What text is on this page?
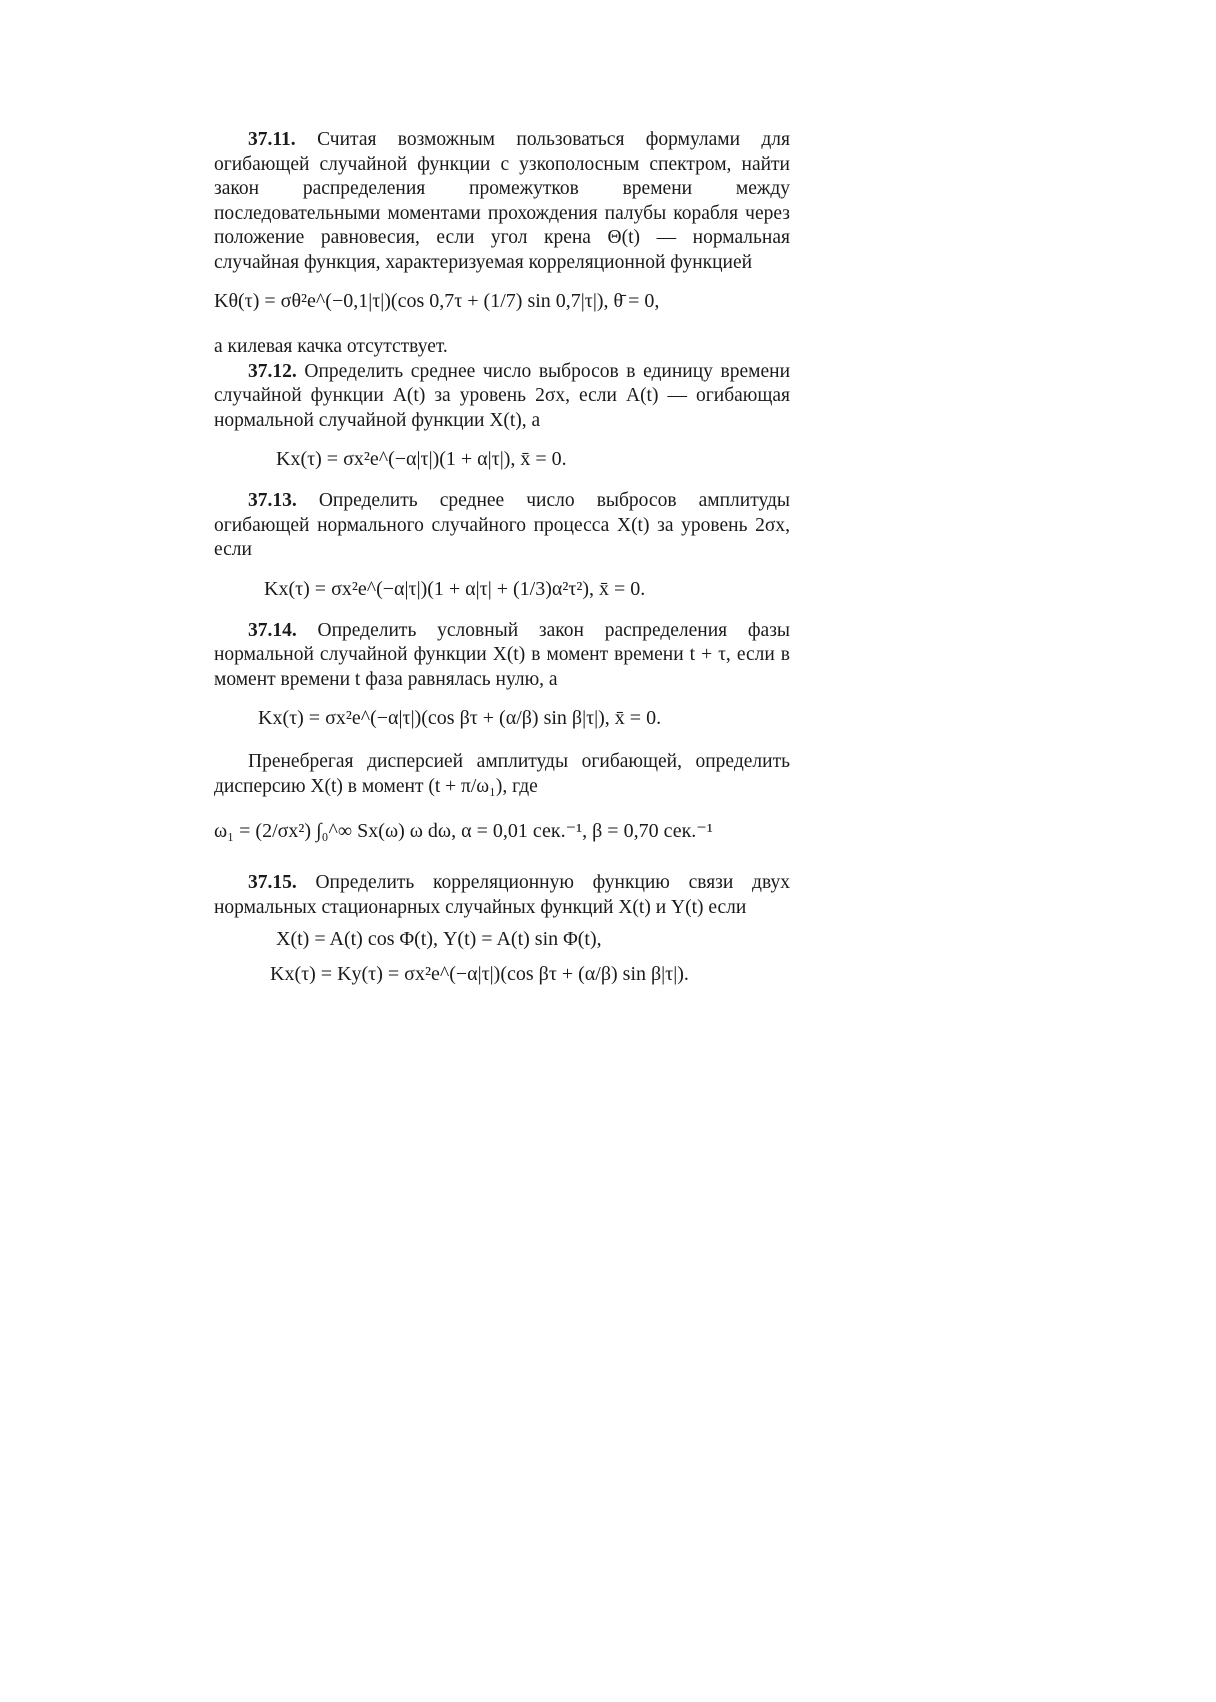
37.11. Считая возможным пользоваться формулами для огибающей случайной функции с узкополосным спектром, найти закон распределения промежутков времени между последовательными моментами прохождения палубы корабля через положение равновесия, если угол крена Θ(t) — нормальная случайная функция, характеризуемая корреляционной функцией

Kθ(τ) = σθ²e^(−0,1|τ|)(cos 0,7τ + (1/7) sin 0,7|τ|), θ̄ = 0,

а килевая качка отсутствует.

37.12. Определить среднее число выбросов в единицу времени случайной функции A(t) за уровень 2σx, если A(t) — огибающая нормальной случайной функции X(t), а

Kx(τ) = σx²e^(−α|τ|)(1 + α|τ|), x̄ = 0.

37.13. Определить среднее число выбросов амплитуды огибающей нормального случайного процесса X(t) за уровень 2σx, если

Kx(τ) = σx²e^(−α|τ|)(1 + α|τ| + (1/3)α²τ²), x̄ = 0.

37.14. Определить условный закон распределения фазы нормальной случайной функции X(t) в момент времени t + τ, если в момент времени t фаза равнялась нулю, а

Kx(τ) = σx²e^(−α|τ|)(cos βτ + (α/β) sin β|τ|), x̄ = 0.

Пренебрегая дисперсией амплитуды огибающей, определить дисперсию X(t) в момент (t + π/ω₁), где

ω₁ = (2/σx²) ∫₀^∞ Sx(ω) ω dω, α = 0,01 сек.⁻¹, β = 0,70 сек.⁻¹

37.15. Определить корреляционную функцию связи двух нормальных стационарных случайных функций X(t) и Y(t) если

X(t) = A(t) cos Φ(t), Y(t) = A(t) sin Φ(t),
Kx(τ) = Ky(τ) = σx²e^(−α|τ|)(cos βτ + (α/β) sin β|τ|).
